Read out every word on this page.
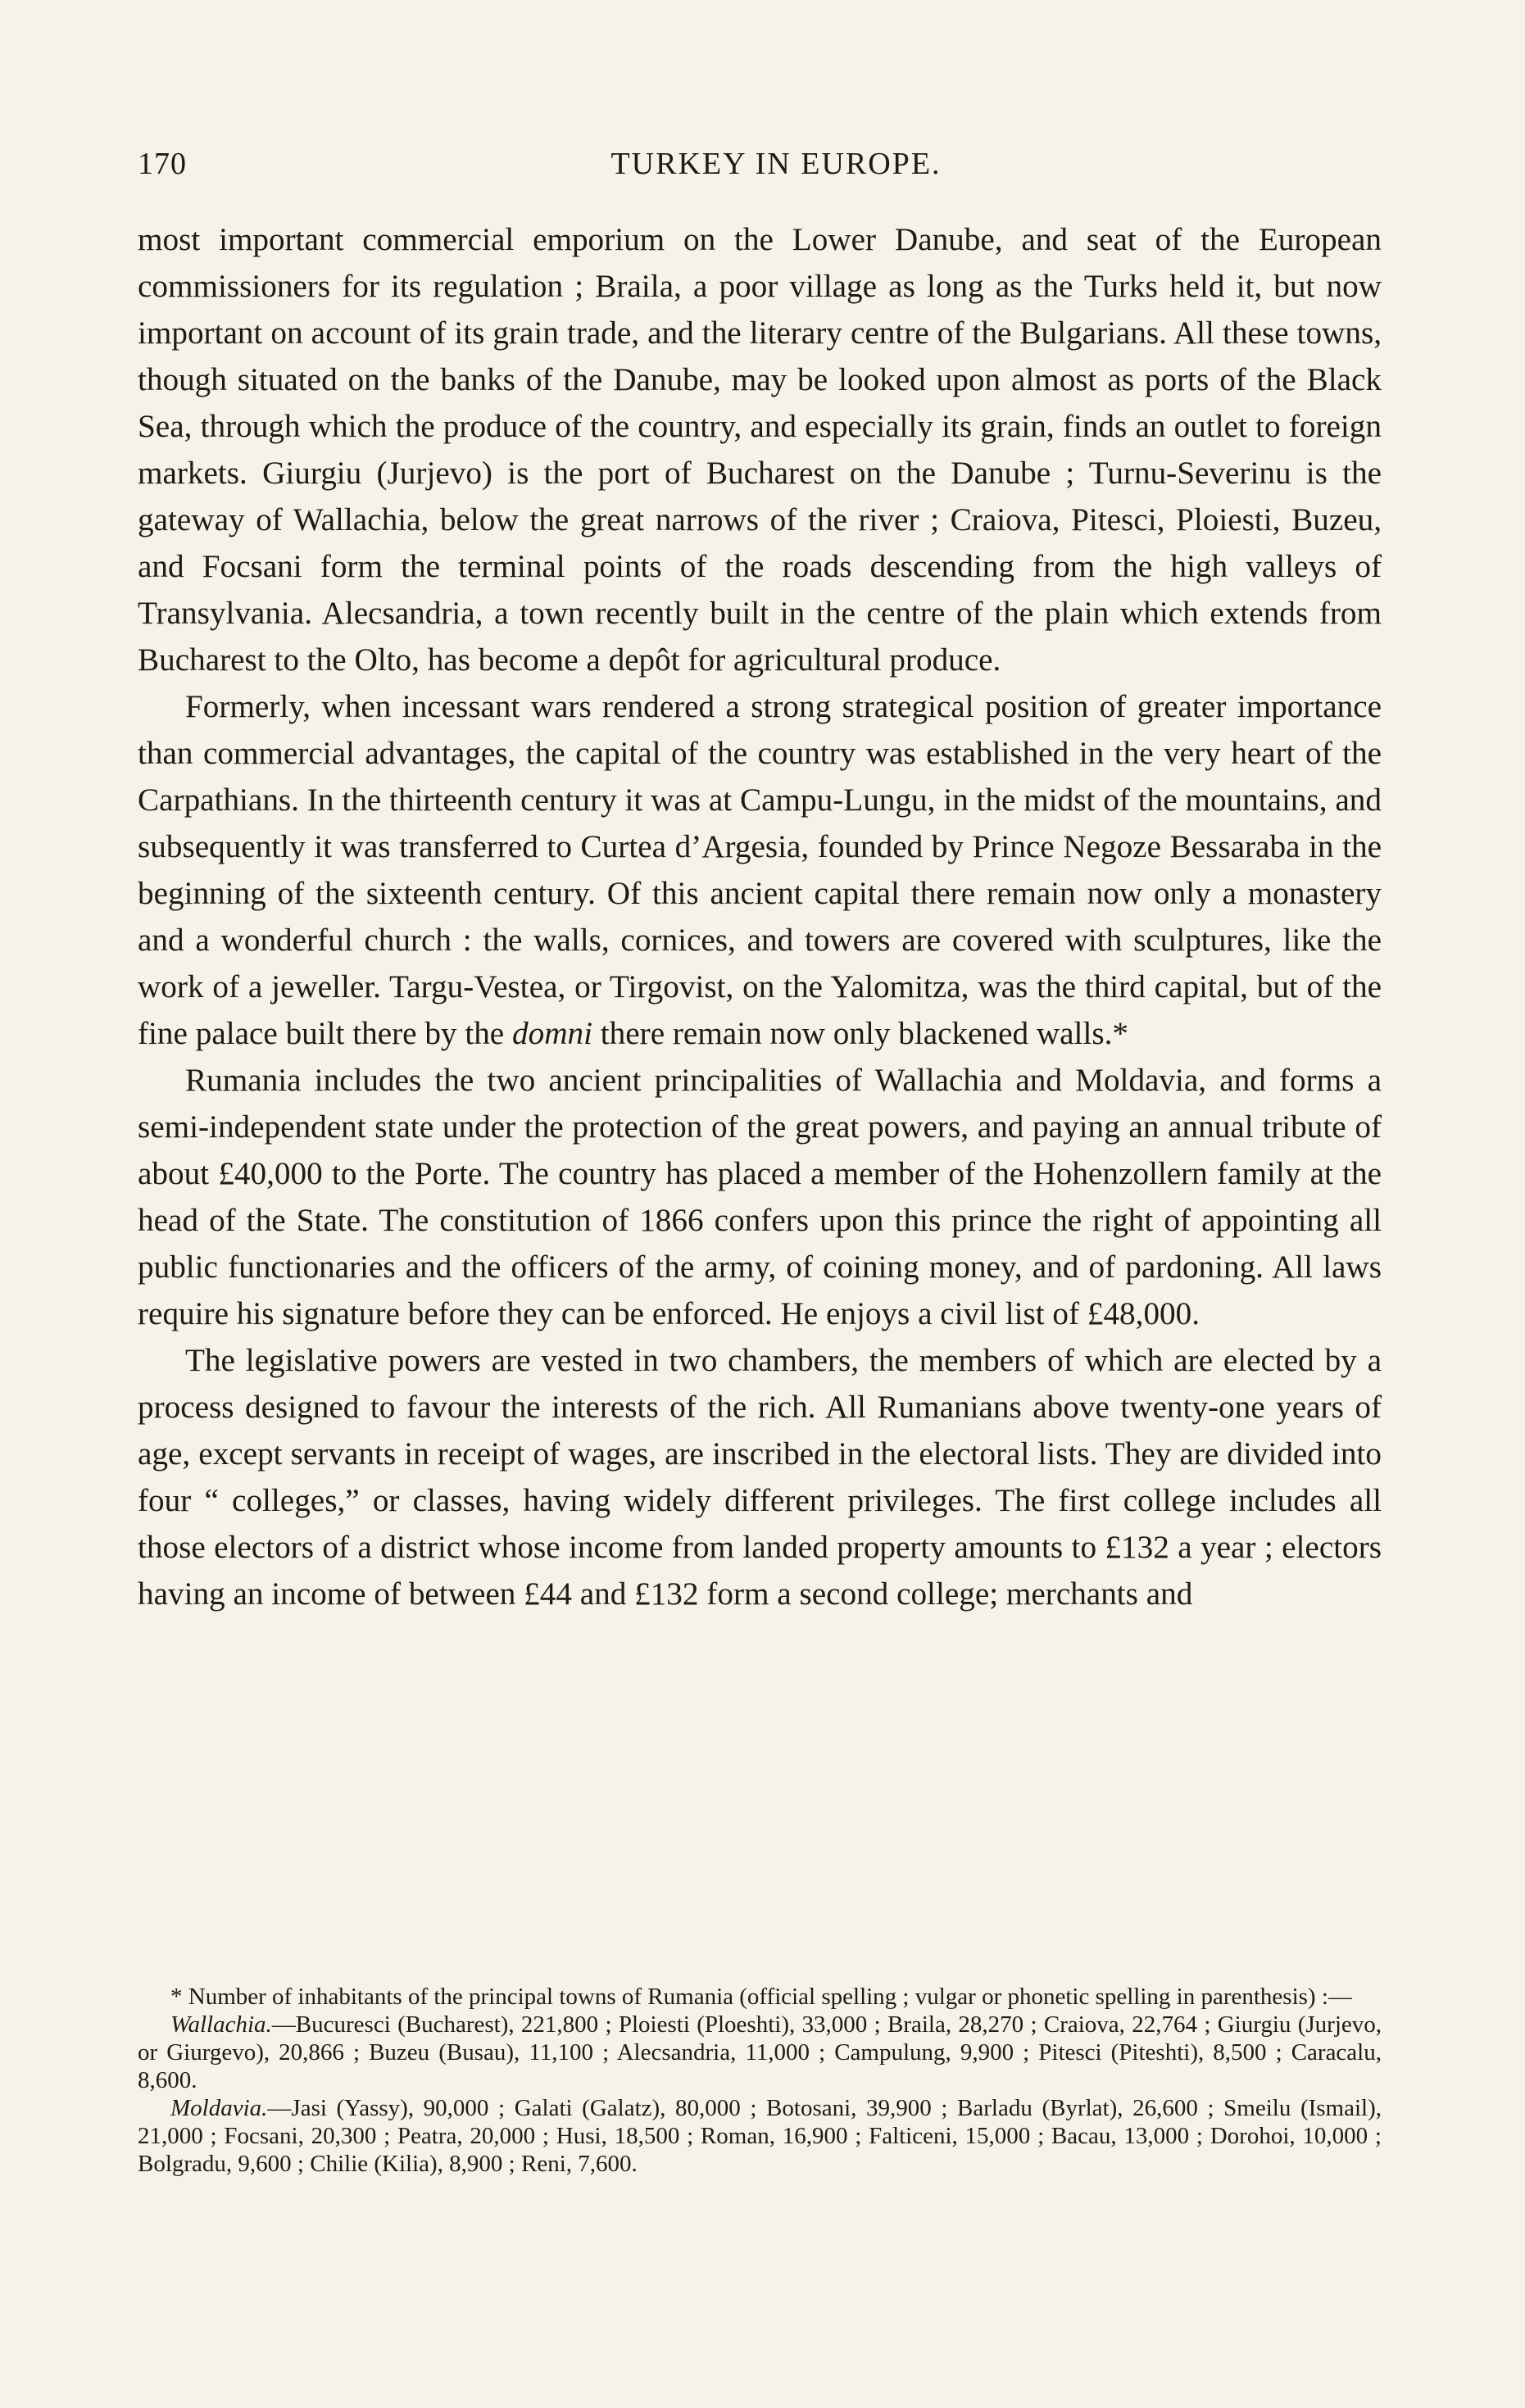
170	TURKEY IN EUROPE.

most important commercial emporium on the Lower Danube, and seat of the European commissioners for its regulation ; Braila, a poor village as long as the Turks held it, but now important on account of its grain trade, and the literary centre of the Bulgarians. All these towns, though situated on the banks of the Danube, may be looked upon almost as ports of the Black Sea, through which the produce of the country, and especially its grain, finds an outlet to foreign markets. Giurgiu (Jurjevo) is the port of Bucharest on the Danube ; Turnu-Severinu is the gateway of Wallachia, below the great narrows of the river ; Craiova, Pitesci, Ploiesti, Buzeu, and Focsani form the terminal points of the roads descending from the high valleys of Transylvania. Alecsandria, a town recently built in the centre of the plain which extends from Bucharest to the Olto, has become a depôt for agricultural produce.

Formerly, when incessant wars rendered a strong strategical position of greater importance than commercial advantages, the capital of the country was established in the very heart of the Carpathians. In the thirteenth century it was at Campu-Lungu, in the midst of the mountains, and subsequently it was transferred to Curtea d’Argesia, founded by Prince Negoze Bessaraba in the beginning of the sixteenth century. Of this ancient capital there remain now only a monastery and a wonderful church : the walls, cornices, and towers are covered with sculptures, like the work of a jeweller. Targu-Vestea, or Tirgovist, on the Yalomitza, was the third capital, but of the fine palace built there by the domni there remain now only blackened walls.*

Rumania includes the two ancient principalities of Wallachia and Moldavia, and forms a semi-independent state under the protection of the great powers, and paying an annual tribute of about £40,000 to the Porte. The country has placed a member of the Hohenzollern family at the head of the State. The constitution of 1866 confers upon this prince the right of appointing all public functionaries and the officers of the army, of coining money, and of pardoning. All laws require his signature before they can be enforced. He enjoys a civil list of £48,000.

The legislative powers are vested in two chambers, the members of which are elected by a process designed to favour the interests of the rich. All Rumanians above twenty-one years of age, except servants in receipt of wages, are inscribed in the electoral lists. They are divided into four “ colleges,” or classes, having widely different privileges. The first college includes all those electors of a district whose income from landed property amounts to £132 a year ; electors having an income of between £44 and £132 form a second college; merchants and

* Number of inhabitants of the principal towns of Rumania (official spelling ; vulgar or phonetic spelling in parenthesis) :—

Wallachia.—Bucuresci (Bucharest), 221,800 ; Ploiesti (Ploeshti), 33,000 ; Braila, 28,270 ; Craiova, 22,764 ; Giurgiu (Jurjevo, or Giurgevo), 20,866 ; Buzeu (Busau), 11,100 ; Alecsandria, 11,000 ; Campulung, 9,900 ; Pitesci (Piteshti), 8,500 ; Caracalu, 8,600.

Moldavia.—Jasi (Yassy), 90,000 ; Galati (Galatz), 80,000 ; Botosani, 39,900 ; Barladu (Byrlat), 26,600 ; Smeilu (Ismail), 21,000 ; Focsani, 20,300 ; Peatra, 20,000 ; Husi, 18,500 ; Roman, 16,900 ; Falticeni, 15,000 ; Bacau, 13,000 ; Dorohoi, 10,000 ; Bolgradu, 9,600 ; Chilie (Kilia), 8,900 ; Reni, 7,600.
